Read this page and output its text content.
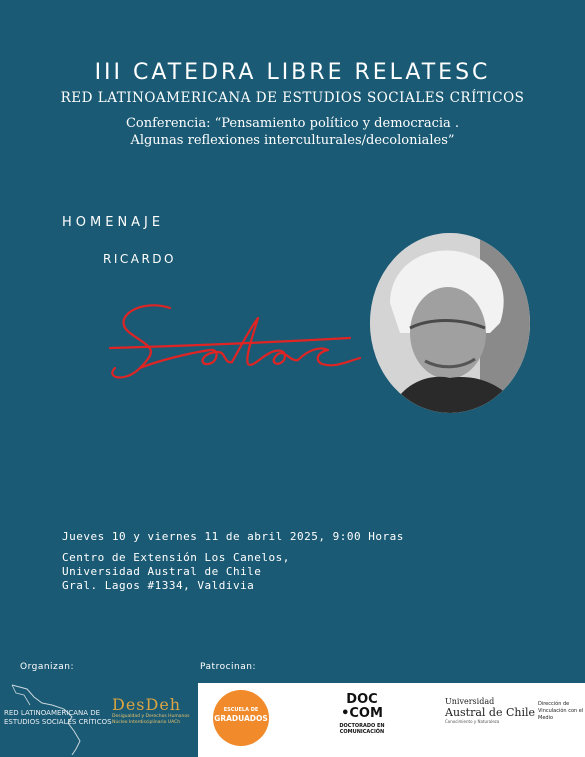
III CATEDRA LIBRE RELATESC
RED LATINOAMERICANA DE ESTUDIOS SOCIALES CRÍTICOS
Conferencia: “Pensamiento político y democracia .
Algunas reflexiones interculturales/decoloniales”
HOMENAJE
RICARDO
Jueves 10 y viernes 11 de abril 2025, 9:00 Horas
Centro de Extensión Los Canelos,
Universidad Austral de Chile
Gral. Lagos #1334, Valdivia
Organizan:	Patrocinan:
RED LATINOAMERICANA DE ESTUDIOS SOCIALES CRÍTICOS
DesDeh
Desigualdad y Derechos Humanos Núcleo Interdisciplinario UACh
ESCUELA DE
GRADUADOS
DOC
•COM
DOCTORADO EN COMUNICACIÓN
Universidad
Austral de Chile
Conocimiento y Naturaleza
Dirección de Vinculación con el Medio
